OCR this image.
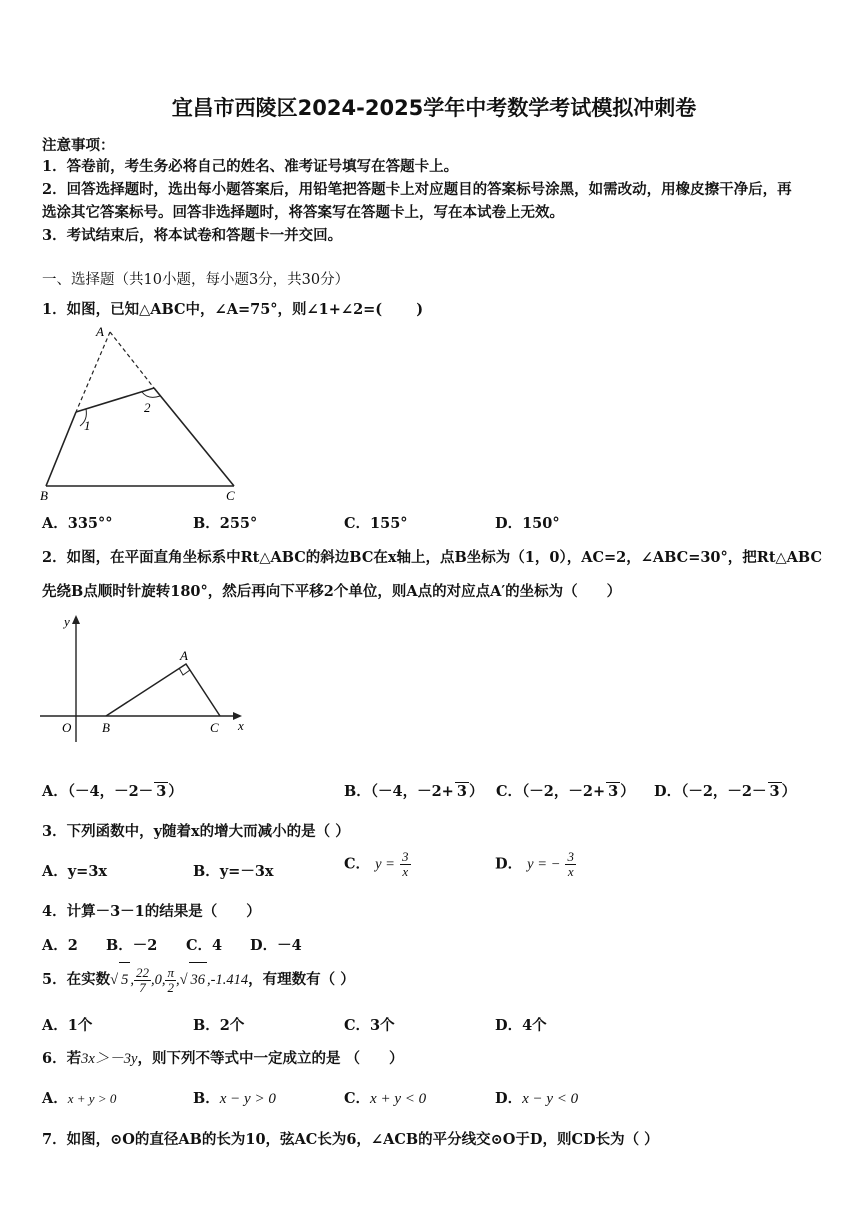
宜昌市西陵区2024-2025学年中考数学考试模拟冲刺卷
注意事项：
1．答卷前，考生务必将自己的姓名、准考证号填写在答题卡上。
2．回答选择题时，选出每小题答案后，用铅笔把答题卡上对应题目的答案标号涂黑，如需改动，用橡皮擦干净后，再
选涂其它答案标号。回答非选择题时，将答案写在答题卡上，写在本试卷上无效。
3．考试结束后，将本试卷和答题卡一并交回。
一、选择题（共10小题，每小题3分，共30分）
1．如图，已知△ABC中，∠A=75°，则∠1+∠2=(　　 )
A
1
2
B	C
A．335°°	B．255°	C．155°	D．150°
2．如图，在平面直角坐标系中Rt△ABC的斜边BC在x轴上，点B坐标为（1，0），AC=2，∠ABC=30°，把Rt△ABC
先绕B点顺时针旋转180°，然后再向下平移2个单位，则A点的对应点A′的坐标为（　　）
y
x
O B	C
A
A．（－4，－2－ 3 ）	B．（－4，－2+ 3 ） C．（－2，－2+ 3 ） D．（－2，－2－ 3 ）
3．下列函数中，y随着x的增大而减小的是（ ）
A．y=3x	B．y=－3x	C． $y = \frac{3}{x}$	D． y = − $\frac{3}{x}$
4．计算－3－1的结果是（　　）
A．2 B．－2 C．4 D．－4
5．在实数√ 5 , $\frac{22}{7} ,0$, $\frac{\pi}{2}$ ,√ 36 ,-1.414，有理数有（ ）
A．1个	B．2个	C．3个	D．4个
6．若3x＞－3y，则下列不等式中一定成立的是 （　　）
A．x + y > 0	B．x − y > 0	C．x + y < 0	D．x − y < 0
7．如图，⊙O的直径AB的长为10，弦AC长为6，∠ACB的平分线交⊙O于D，则CD长为（ ）
